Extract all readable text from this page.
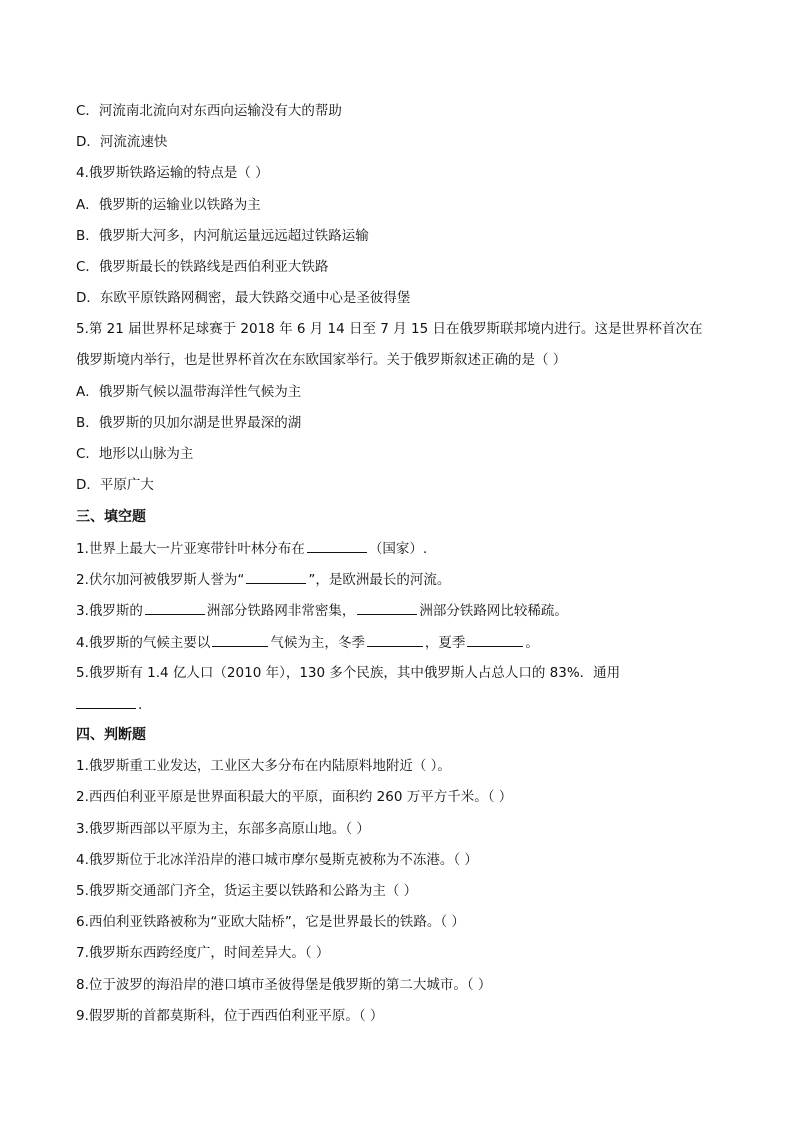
C．河流南北流向对东西向运输没有大的帮助
D．河流流速快
4.俄罗斯铁路运输的特点是（ ）
A．俄罗斯的运输业以铁路为主
B．俄罗斯大河多，内河航运量远远超过铁路运输
C．俄罗斯最长的铁路线是西伯利亚大铁路
D．东欧平原铁路网稠密，最大铁路交通中心是圣彼得堡
5.第 21 届世界杯足球赛于 2018 年 6 月 14 日至 7 月 15 日在俄罗斯联邦境内进行。这是世界杯首次在
俄罗斯境内举行，也是世界杯首次在东欧国家举行。关于俄罗斯叙述正确的是（ ）
A．俄罗斯气候以温带海洋性气候为主
B．俄罗斯的贝加尔湖是世界最深的湖
C．地形以山脉为主
D．平原广大
三、填空题
1.世界上最大一片亚寒带针叶林分布在	（国家）.
2.伏尔加河被俄罗斯人誉为“	”，是欧洲最长的河流。
3.俄罗斯的	洲部分铁路网非常密集，	洲部分铁路网比较稀疏。
4.俄罗斯的气候主要以	气候为主，冬季	，夏季	。
5.俄罗斯有 1.4 亿人口（2010 年），130 多个民族，其中俄罗斯人占总人口的 83%．通用
.
四、判断题
1.俄罗斯重工业发达，工业区大多分布在内陆原料地附近（ ）。
2.西西伯利亚平原是世界面积最大的平原，面积约 260 万平方千米。（ ）
3.俄罗斯西部以平原为主，东部多高原山地。（ ）
4.俄罗斯位于北冰洋沿岸的港口城市摩尔曼斯克被称为不冻港。（ ）
5.俄罗斯交通部门齐全，货运主要以铁路和公路为主（ ）
6.西伯利亚铁路被称为“亚欧大陆桥”，它是世界最长的铁路。（ ）
7.俄罗斯东西跨经度广，时间差异大。（ ）
8.位于波罗的海沿岸的港口填市圣彼得堡是俄罗斯的第二大城市。（ ）
9.假罗斯的首都莫斯科，位于西西伯利亚平原。（ ）
